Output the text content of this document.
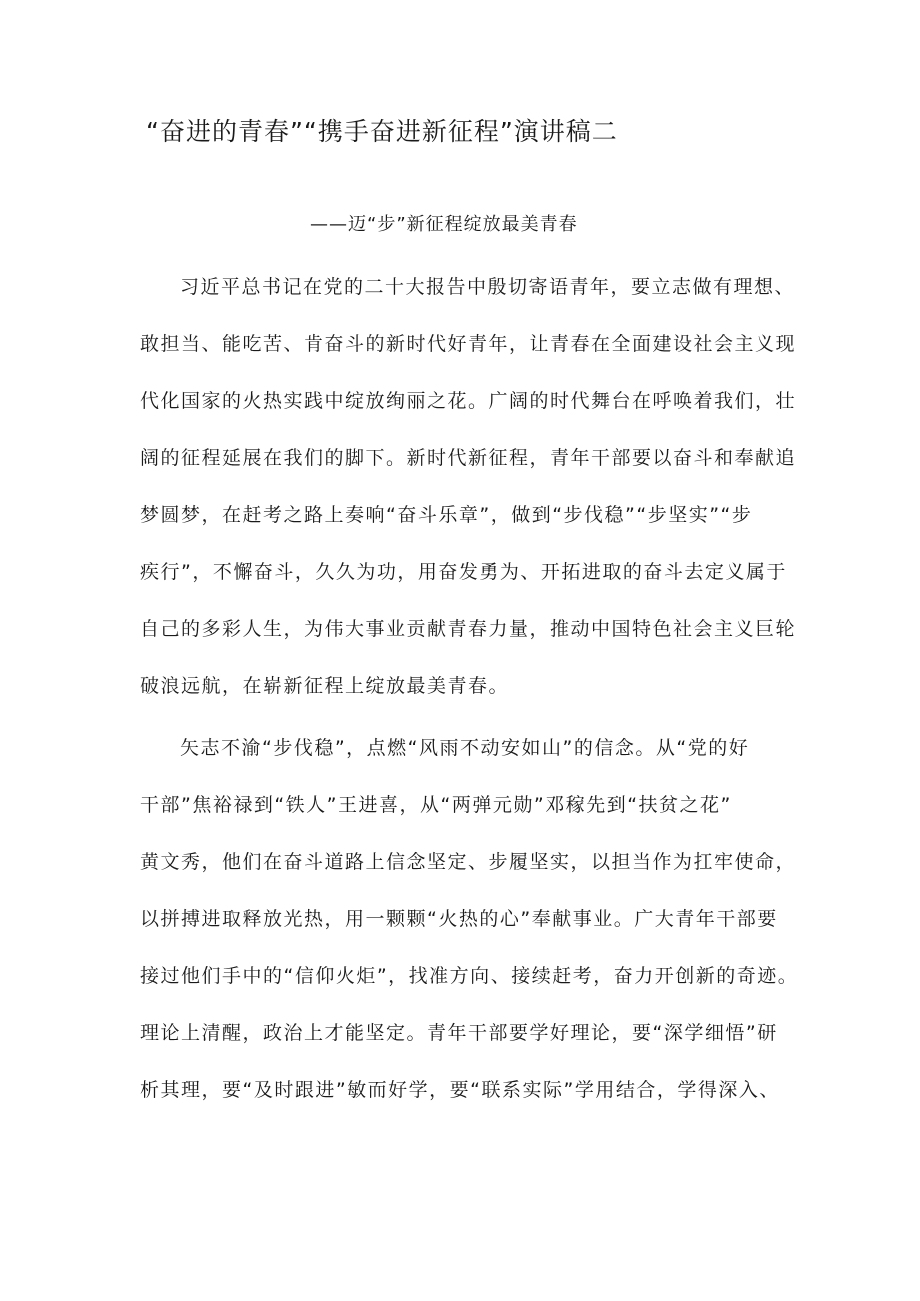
“奋进的青春”“携手奋进新征程”演讲稿二

——迈“步”新征程绽放最美青春

习近平总书记在党的二十大报告中殷切寄语青年，要立志做有理想、

敢担当、能吃苦、肯奋斗的新时代好青年，让青春在全面建设社会主义现

代化国家的火热实践中绽放绚丽之花。广阔的时代舞台在呼唤着我们，壮

阔的征程延展在我们的脚下。新时代新征程，青年干部要以奋斗和奉献追

梦圆梦，在赶考之路上奏响“奋斗乐章”，做到“步伐稳”“步坚实”“步

疾行”，不懈奋斗，久久为功，用奋发勇为、开拓进取的奋斗去定义属于

自己的多彩人生，为伟大事业贡献青春力量，推动中国特色社会主义巨轮

破浪远航，在崭新征程上绽放最美青春。

矢志不渝“步伐稳”，点燃“风雨不动安如山”的信念。从“党的好

干部”焦裕禄到“铁人”王进喜，从“两弹元勋”邓稼先到“扶贫之花”

黄文秀，他们在奋斗道路上信念坚定、步履坚实，以担当作为扛牢使命，

以拼搏进取释放光热，用一颗颗“火热的心”奉献事业。广大青年干部要

接过他们手中的“信仰火炬”，找准方向、接续赶考，奋力开创新的奇迹。

理论上清醒，政治上才能坚定。青年干部要学好理论，要“深学细悟”研

析其理，要“及时跟进”敏而好学，要“联系实际”学用结合，学得深入、
